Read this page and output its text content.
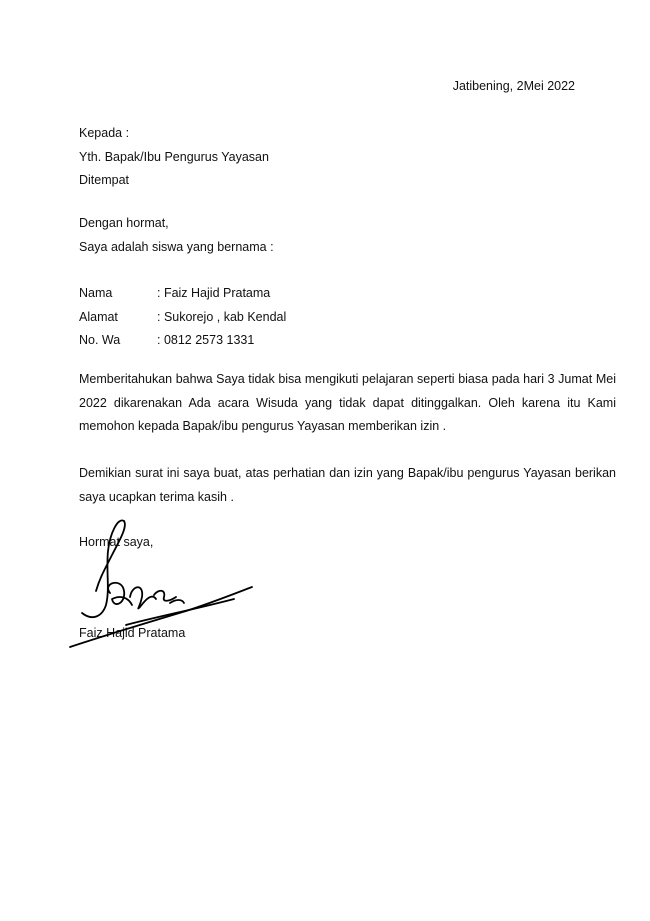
Jatibening, 2Mei 2022
Kepada :
Yth. Bapak/Ibu Pengurus Yayasan
Ditempat
Dengan hormat,
Saya adalah siswa yang bernama :
Nama	: Faiz Hajid Pratama
Alamat	: Sukorejo , kab Kendal
No. Wa	: 0812 2573 1331
Memberitahukan bahwa Saya tidak bisa mengikuti pelajaran seperti biasa pada hari 3 Jumat Mei 2022 dikarenakan Ada acara Wisuda yang tidak dapat ditinggalkan. Oleh karena itu Kami memohon kepada Bapak/ibu pengurus Yayasan memberikan izin .
Demikian surat ini saya buat, atas perhatian dan izin yang Bapak/ibu pengurus Yayasan berikan saya ucapkan terima kasih .
Hormat saya,
Faiz Hajid Pratama
